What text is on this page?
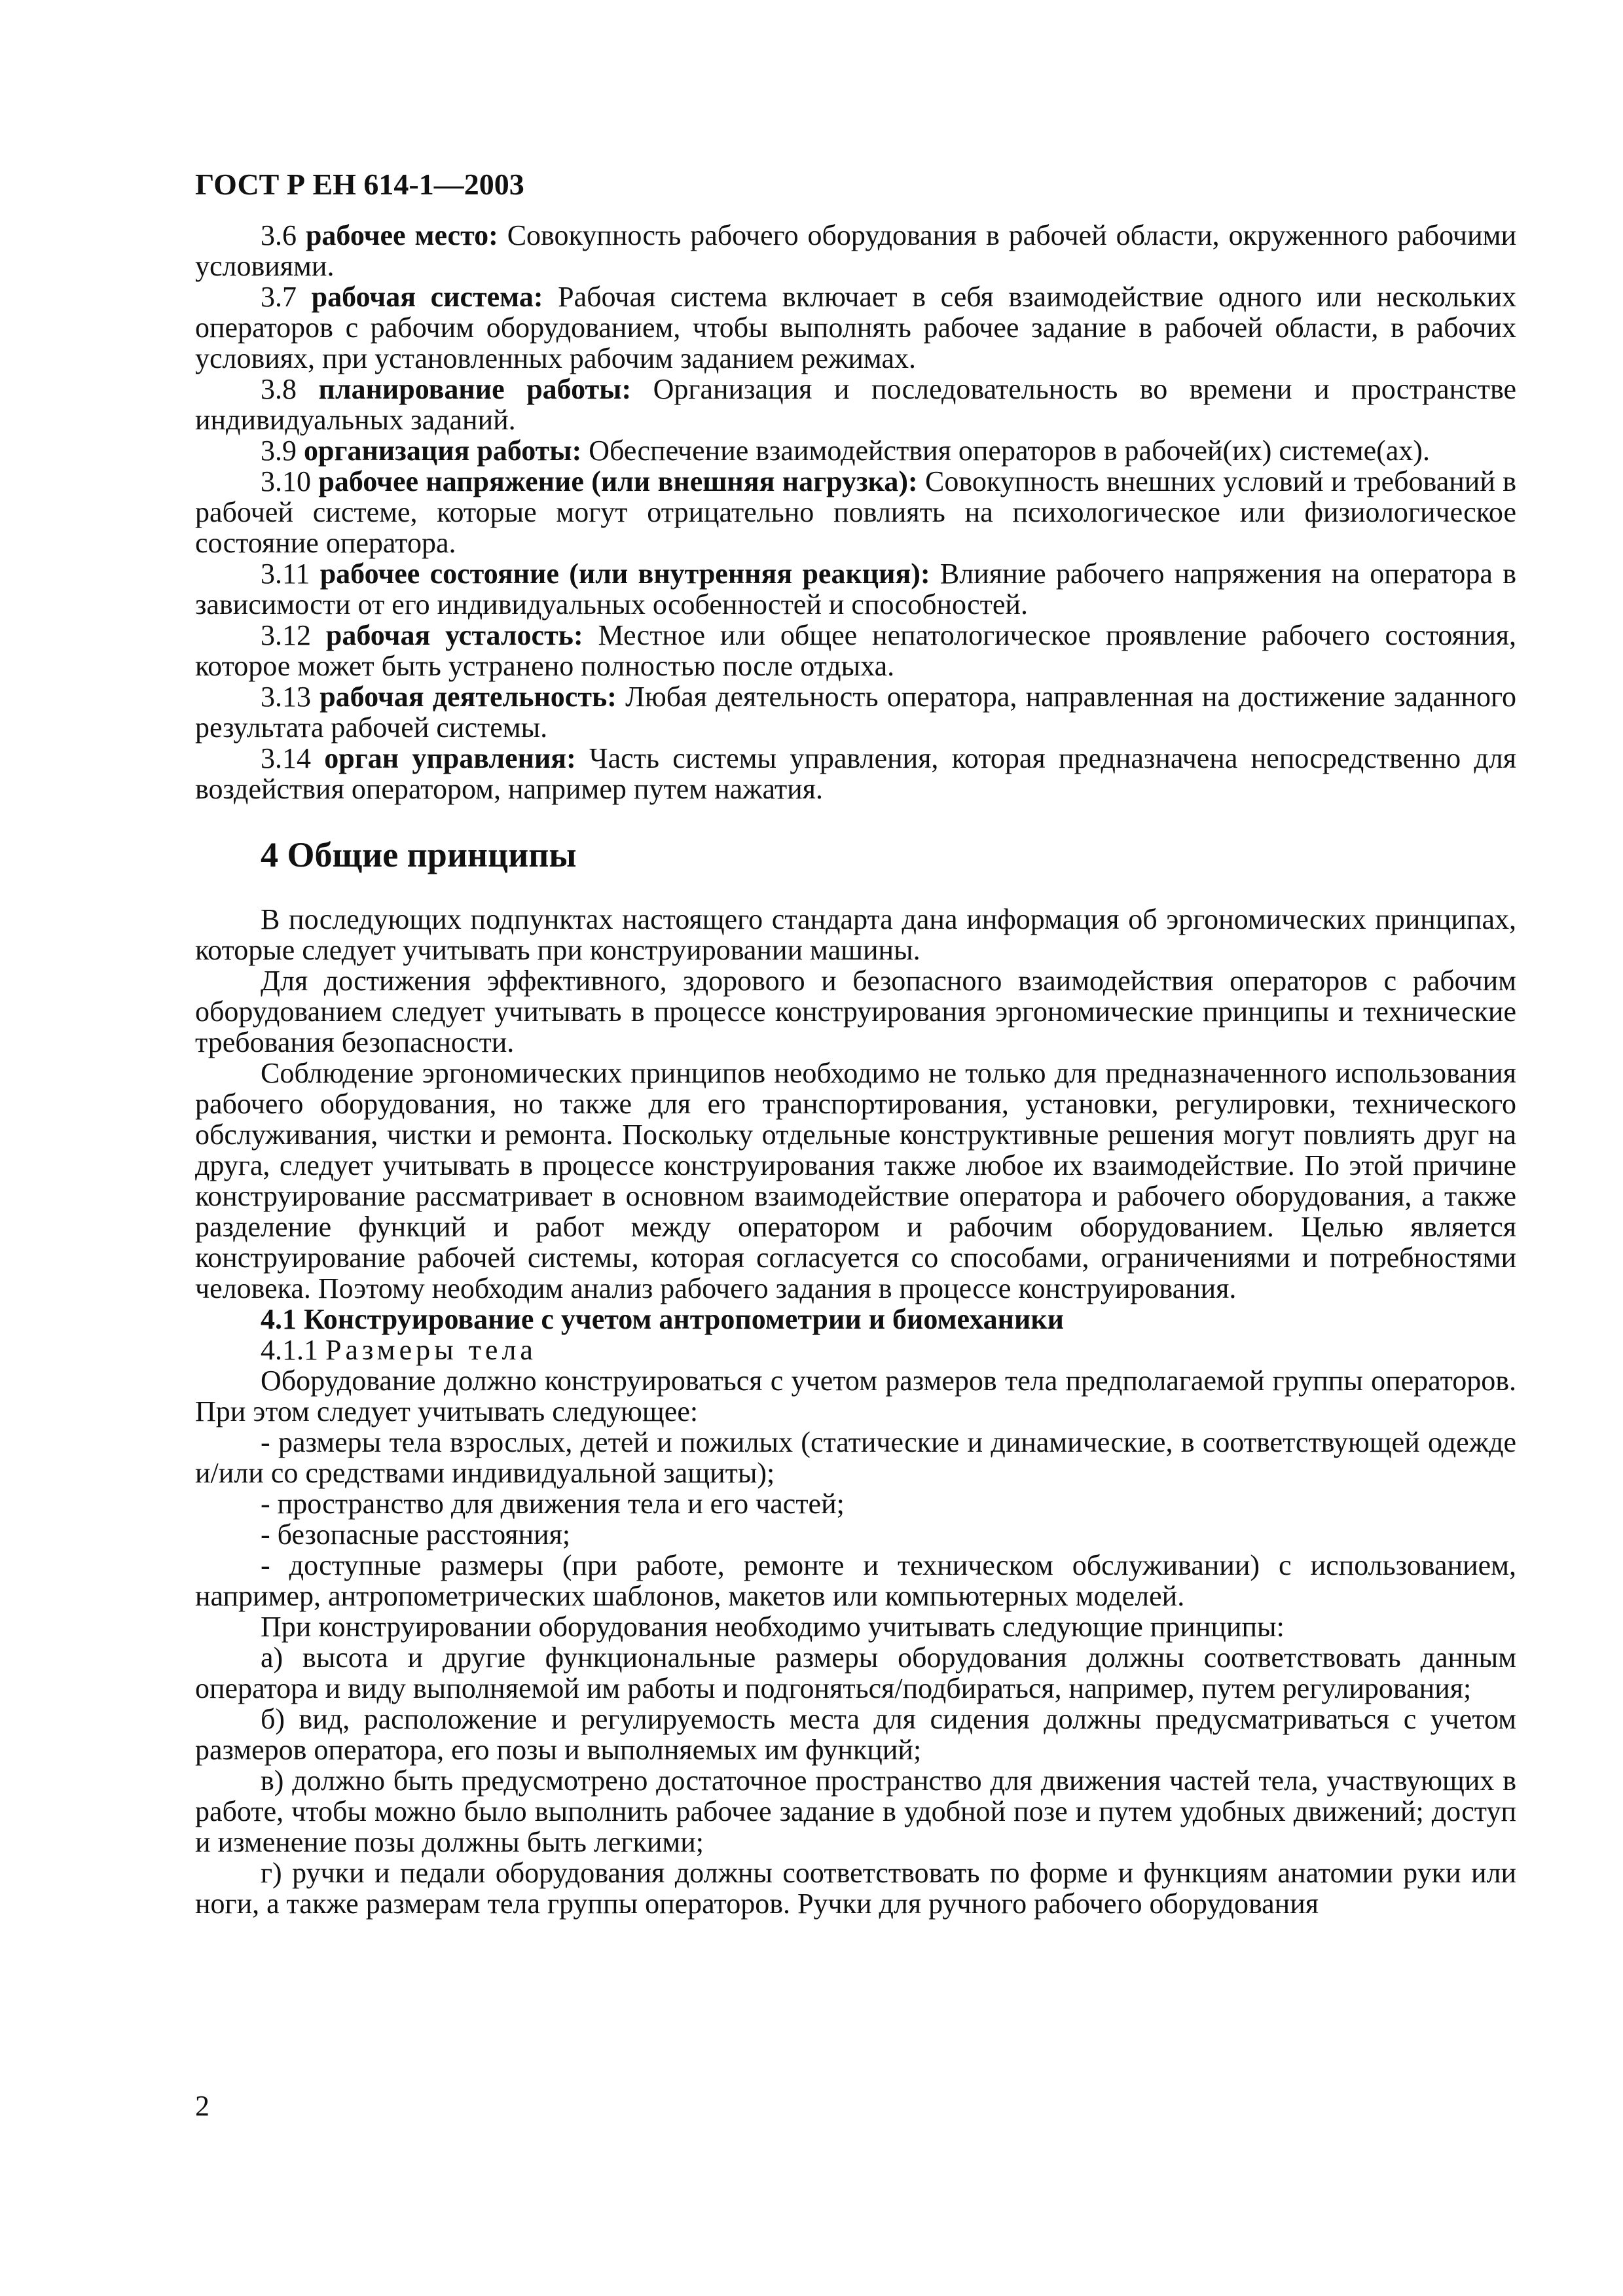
ГОСТ Р ЕН 614-1—2003

3.6 рабочее место: Совокупность рабочего оборудования в рабочей области, окруженного рабочими условиями.

3.7 рабочая система: Рабочая система включает в себя взаимодействие одного или нескольких операторов с рабочим оборудованием, чтобы выполнять рабочее задание в рабочей области, в рабочих условиях, при установленных рабочим заданием режимах.

3.8 планирование работы: Организация и последовательность во времени и пространстве индивидуальных заданий.

3.9 организация работы: Обеспечение взаимодействия операторов в рабочей(их) системе(ах).

3.10 рабочее напряжение (или внешняя нагрузка): Совокупность внешних условий и требований в рабочей системе, которые могут отрицательно повлиять на психологическое или физиологическое состояние оператора.

3.11 рабочее состояние (или внутренняя реакция): Влияние рабочего напряжения на оператора в зависимости от его индивидуальных особенностей и способностей.

3.12 рабочая усталость: Местное или общее непатологическое проявление рабочего состояния, которое может быть устранено полностью после отдыха.

3.13 рабочая деятельность: Любая деятельность оператора, направленная на достижение заданного результата рабочей системы.

3.14 орган управления: Часть системы управления, которая предназначена непосредственно для воздействия оператором, например путем нажатия.

4 Общие принципы

В последующих подпунктах настоящего стандарта дана информация об эргономических принципах, которые следует учитывать при конструировании машины.

Для достижения эффективного, здорового и безопасного взаимодействия операторов с рабочим оборудованием следует учитывать в процессе конструирования эргономические принципы и технические требования безопасности.

Соблюдение эргономических принципов необходимо не только для предназначенного использования рабочего оборудования, но также для его транспортирования, установки, регулировки, технического обслуживания, чистки и ремонта. Поскольку отдельные конструктивные решения могут повлиять друг на друга, следует учитывать в процессе конструирования также любое их взаимодействие. По этой причине конструирование рассматривает в основном взаимодействие оператора и рабочего оборудования, а также разделение функций и работ между оператором и рабочим оборудованием. Целью является конструирование рабочей системы, которая согласуется со способами, ограничениями и потребностями человека. Поэтому необходим анализ рабочего задания в процессе конструирования.

4.1 Конструирование с учетом антропометрии и биомеханики

4.1.1 Размеры тела

Оборудование должно конструироваться с учетом размеров тела предполагаемой группы операторов. При этом следует учитывать следующее:

- размеры тела взрослых, детей и пожилых (статические и динамические, в соответствующей одежде и/или со средствами индивидуальной защиты);

- пространство для движения тела и его частей;

- безопасные расстояния;

- доступные размеры (при работе, ремонте и техническом обслуживании) с использованием, например, антропометрических шаблонов, макетов или компьютерных моделей.

При конструировании оборудования необходимо учитывать следующие принципы:

а) высота и другие функциональные размеры оборудования должны соответствовать данным оператора и виду выполняемой им работы и подгоняться/подбираться, например, путем регулирования;

б) вид, расположение и регулируемость места для сидения должны предусматриваться с учетом размеров оператора, его позы и выполняемых им функций;

в) должно быть предусмотрено достаточное пространство для движения частей тела, участвующих в работе, чтобы можно было выполнить рабочее задание в удобной позе и путем удобных движений; доступ и изменение позы должны быть легкими;

г) ручки и педали оборудования должны соответствовать по форме и функциям анатомии руки или ноги, а также размерам тела группы операторов. Ручки для ручного рабочего оборудования

2
